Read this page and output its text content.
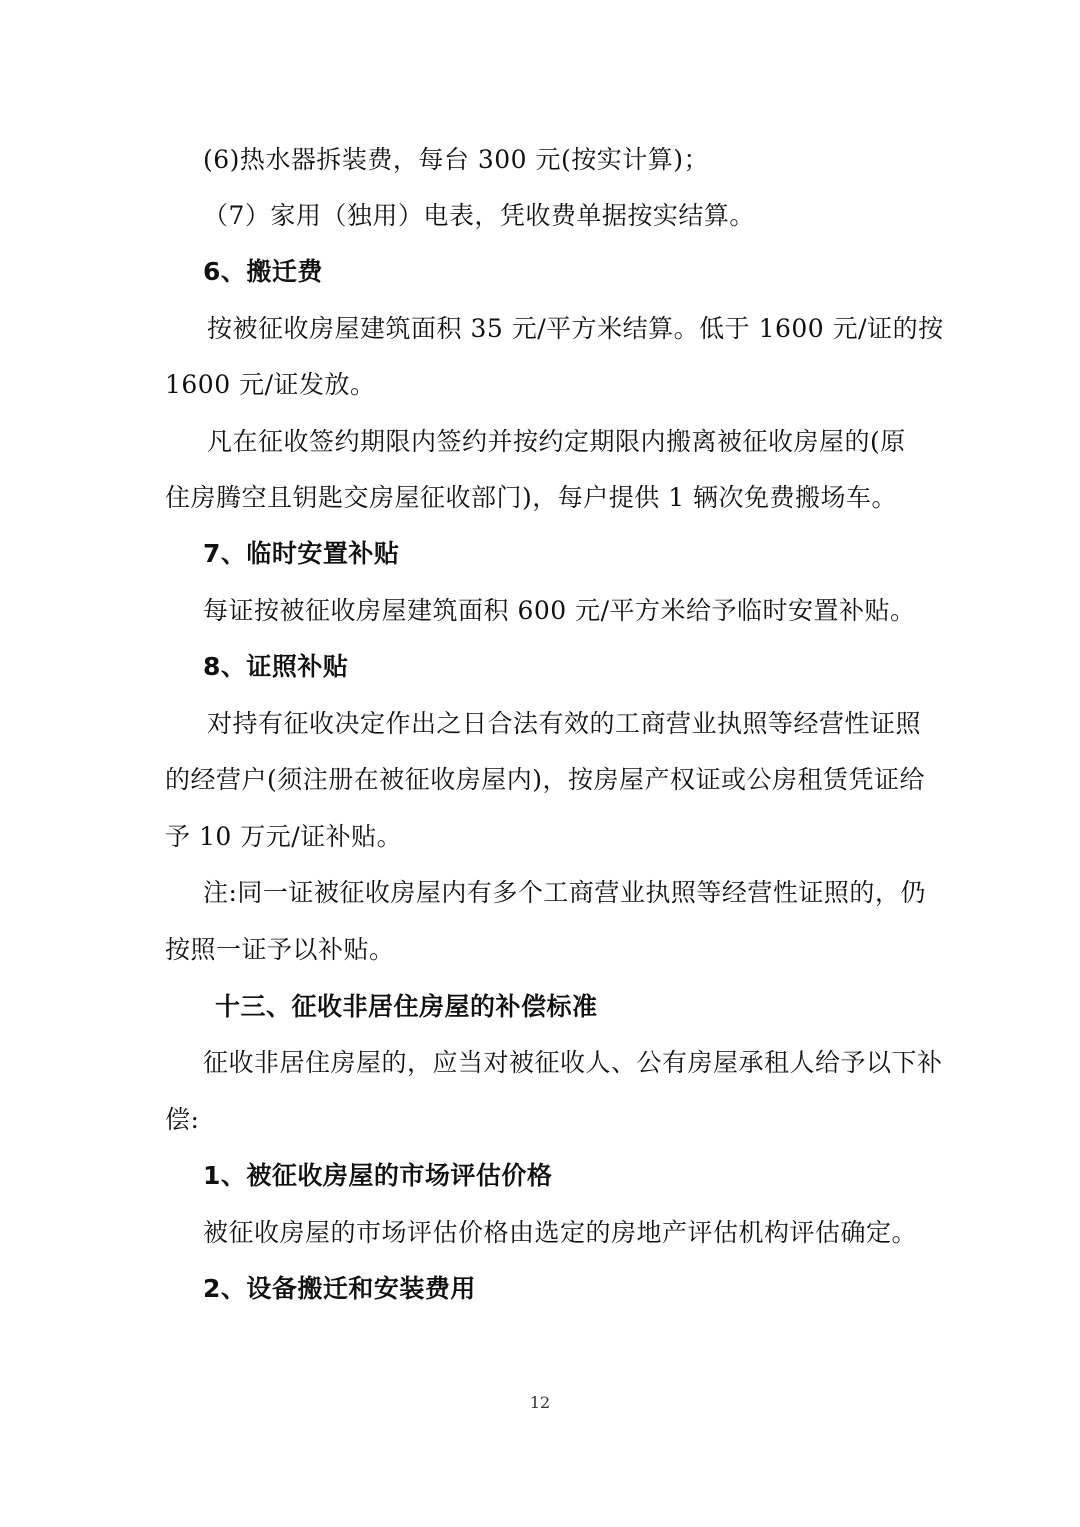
(6)热水器拆装费，每台 300 元(按实计算)；
（7）家用（独用）电表，凭收费单据按实结算。
6、搬迁费
按被征收房屋建筑面积 35 元/平方米结算。低于 1600 元/证的按
1600 元/证发放。
凡在征收签约期限内签约并按约定期限内搬离被征收房屋的(原
住房腾空且钥匙交房屋征收部门)，每户提供 1 辆次免费搬场车。
7、临时安置补贴
每证按被征收房屋建筑面积 600 元/平方米给予临时安置补贴。
8、证照补贴
对持有征收决定作出之日合法有效的工商营业执照等经营性证照
的经营户(须注册在被征收房屋内)，按房屋产权证或公房租赁凭证给
予 10 万元/证补贴。
注:同一证被征收房屋内有多个工商营业执照等经营性证照的，仍
按照一证予以补贴。
十三、征收非居住房屋的补偿标准
征收非居住房屋的，应当对被征收人、公有房屋承租人给予以下补
偿:
1、被征收房屋的市场评估价格
被征收房屋的市场评估价格由选定的房地产评估机构评估确定。
2、设备搬迁和安装费用
12
